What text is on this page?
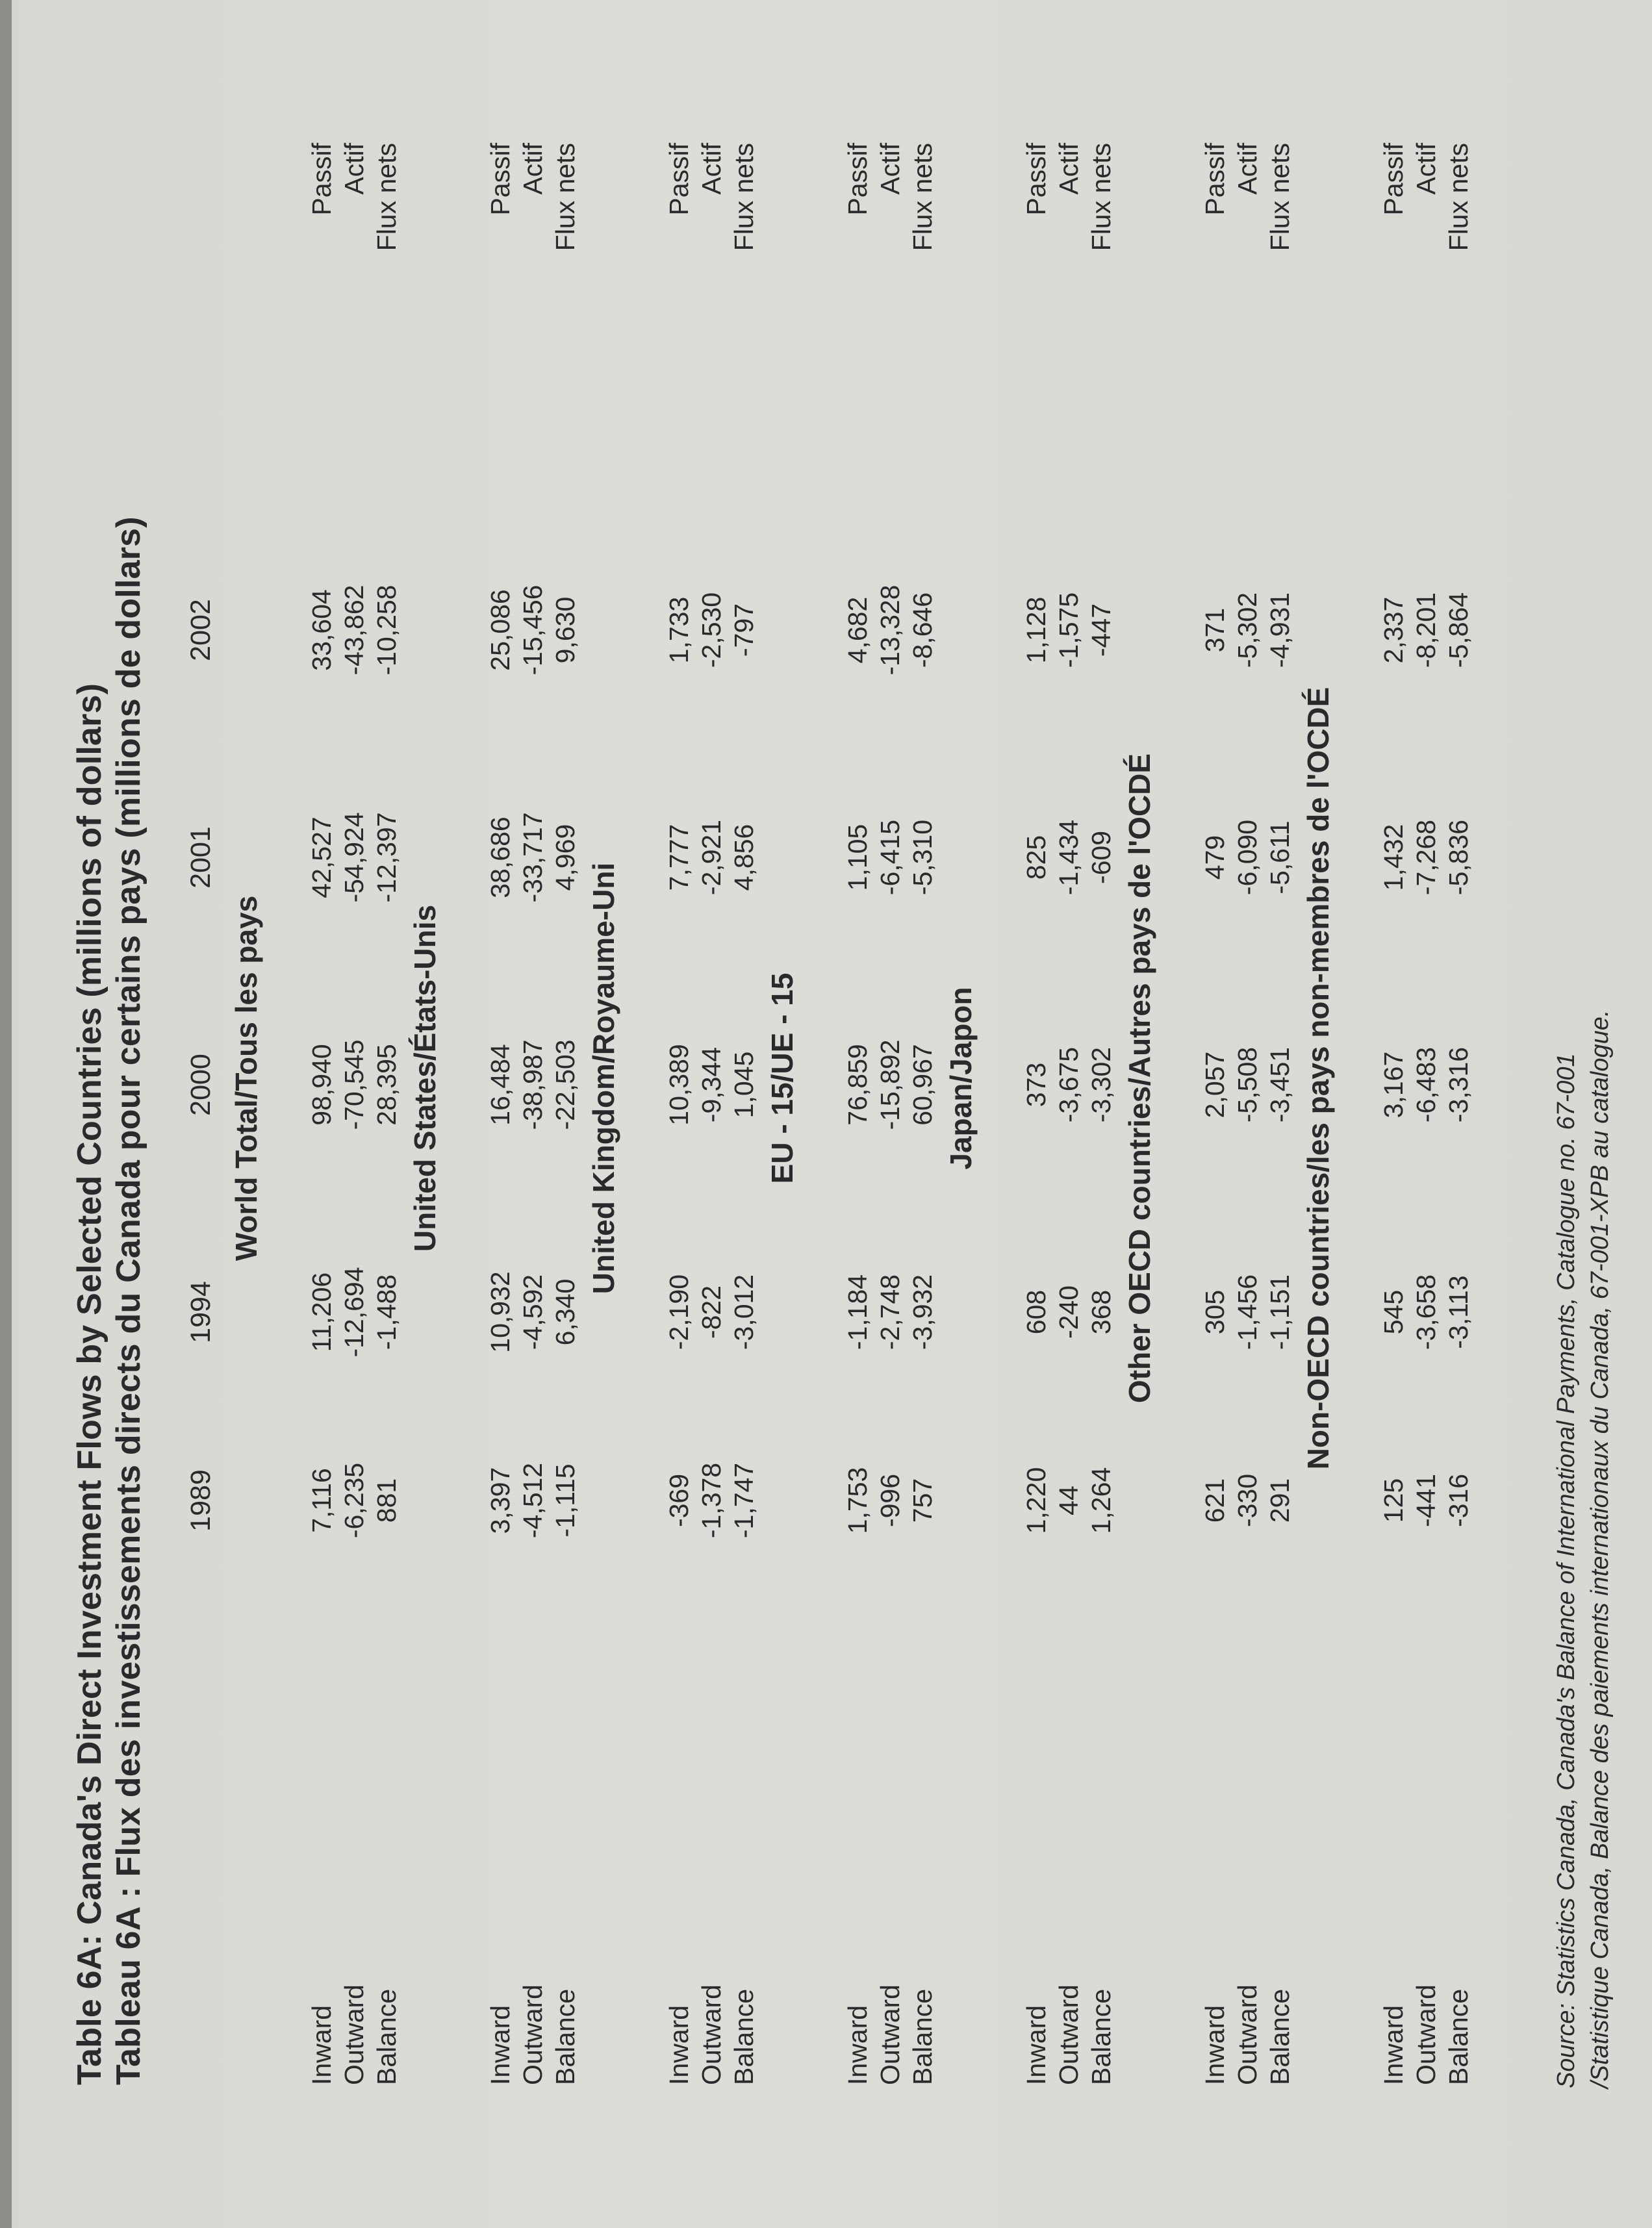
Table 6A: Canada's Direct Investment Flows by Selected Countries (millions of dollars) Tableau 6A : Flux des investissements directs du Canada pour certains pays (millions de dollars) 1989
1994
2000
2001
2002
World Total/Tous les pays
Inward
7,116
11,206
98,940
42,527
33,604
Passif
Outward
-6,235
-12,694
-70,545
-54,924
-43,862
Actif
Balance
881
-1,488
28,395
-12,397
-10,258
Flux nets
United States/États-Unis
Inward
3,397
10,932
16,484
38,686
25,086
Passif
Outward
-4,512
-4,592
-38,987
-33,717
-15,456
Actif
Balance
-1,115
6,340
-22,503
4,969
9,630
Flux nets
United Kingdom/Royaume-Uni
Inward
-369
-2,190
10,389
7,777
1,733
Passif
Outward
-1,378
-822
-9,344
-2,921
-2,530
Actif
Balance
-1,747
-3,012
1,045
4,856
-797
Flux nets
EU - 15/UE - 15
Inward
1,753
-1,184
76,859
1,105
4,682
Passif
Outward
-996
-2,748
-15,892
-6,415
-13,328
Actif
Balance
757
-3,932
60,967
-5,310
-8,646
Flux nets
Japan/Japon
Inward
1,220
608
373
825
1,128
Passif
Outward
44
-240
-3,675
-1,434
-1,575
Actif
Balance
1,264
368
-3,302
-609
-447
Flux nets
Other OECD countries/Autres pays de l'OCDÉ
Inward
621
305
2,057
479
371
Passif
Outward
-330
-1,456
-5,508
-6,090
-5,302
Actif
Balance
291
-1,151
-3,451
-5,611
-4,931
Flux nets
Non-OECD countries/les pays non-membres de l'OCDÉ
Inward
125
545
3,167
1,432
2,337
Passif
Outward
-441
-3,658
-6,483
-7,268
-8,201
Actif
Balance
-316
-3,113
-3,316
-5,836
-5,864
Flux nets
Source: Statistics Canada, Canada's Balance of International Payments, Catalogue no. 67-001 /Statistique Canada, Balance des paiements internationaux du Canada, 67-001-XPB au catalogue.
